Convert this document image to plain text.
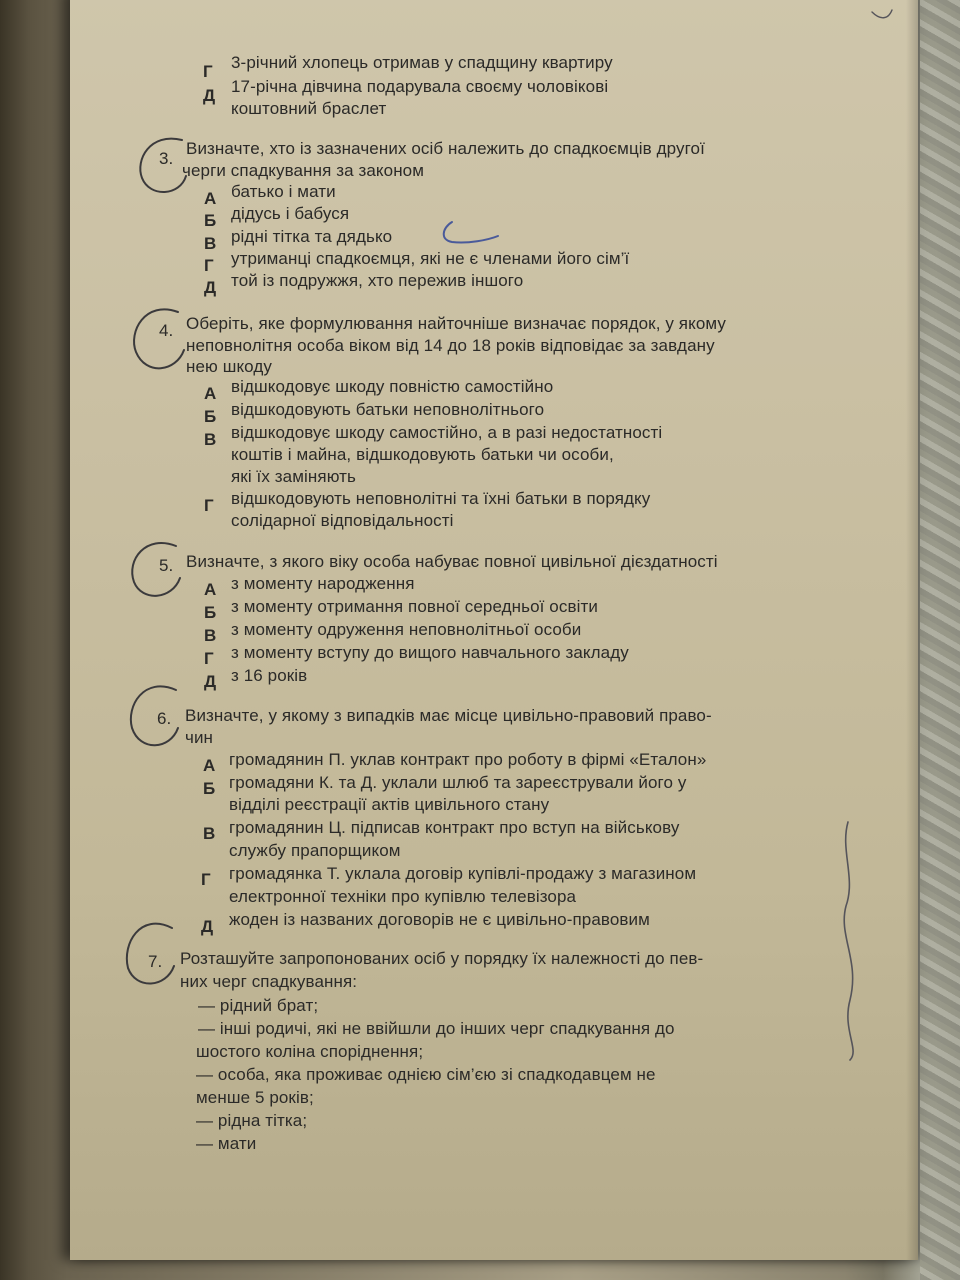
Г 3-річний хлопець отримав у спадщину квартиру
Д 17-річна дівчина подарувала своєму чоловікові
коштовний браслет
3.
Визначте, хто із зазначених осіб належить до спадкоємців другої
черги спадкування за законом
А батько і мати
Б дідусь і бабуся
В рідні тітка та дядько
Г утриманці спадкоємця, які не є членами його сім’ї
Д той із подружжя, хто пережив іншого
4. Оберіть, яке формулювання найточніше визначає порядок, у якому
неповнолітня особа віком від 14 до 18 років відповідає за завдану
нею шкоду
А відшкодовує шкоду повністю самостійно
Б відшкодовують батьки неповнолітнього
В відшкодовує шкоду самостійно, а в разі недостатності
коштів і майна, відшкодовують батьки чи особи,
які їх заміняють
Г відшкодовують неповнолітні та їхні батьки в порядку
солідарної відповідальності
5. Визначте, з якого віку особа набуває повної цивільної дієздатності
А з моменту народження
Б з моменту отримання повної середньої освіти
В з моменту одруження неповнолітньої особи
Г з моменту вступу до вищого навчального закладу
Д з 16 років
6. Визначте, у якому з випадків має місце цивільно-правовий право-
чин
А громадянин П. уклав контракт про роботу в фірмі «Еталон»
Б громадяни К. та Д. уклали шлюб та зареєстрували його у
відділі реєстрації актів цивільного стану
В громадянин Ц. підписав контракт про вступ на військову
службу прапорщиком
Г громадянка Т. уклала договір купівлі-продажу з магазином
електронної техніки про купівлю телевізора
Д жоден із названих договорів не є цивільно-правовим
7. Розташуйте запропонованих осіб у порядку їх належності до пев-
них черг спадкування:
— рідний брат;
— інші родичі, які не ввійшли до інших черг спадкування до
шостого коліна споріднення;
— особа, яка проживає однією сім’єю зі спадкодавцем не
менше 5 років;
— рідна тітка;
— мати
